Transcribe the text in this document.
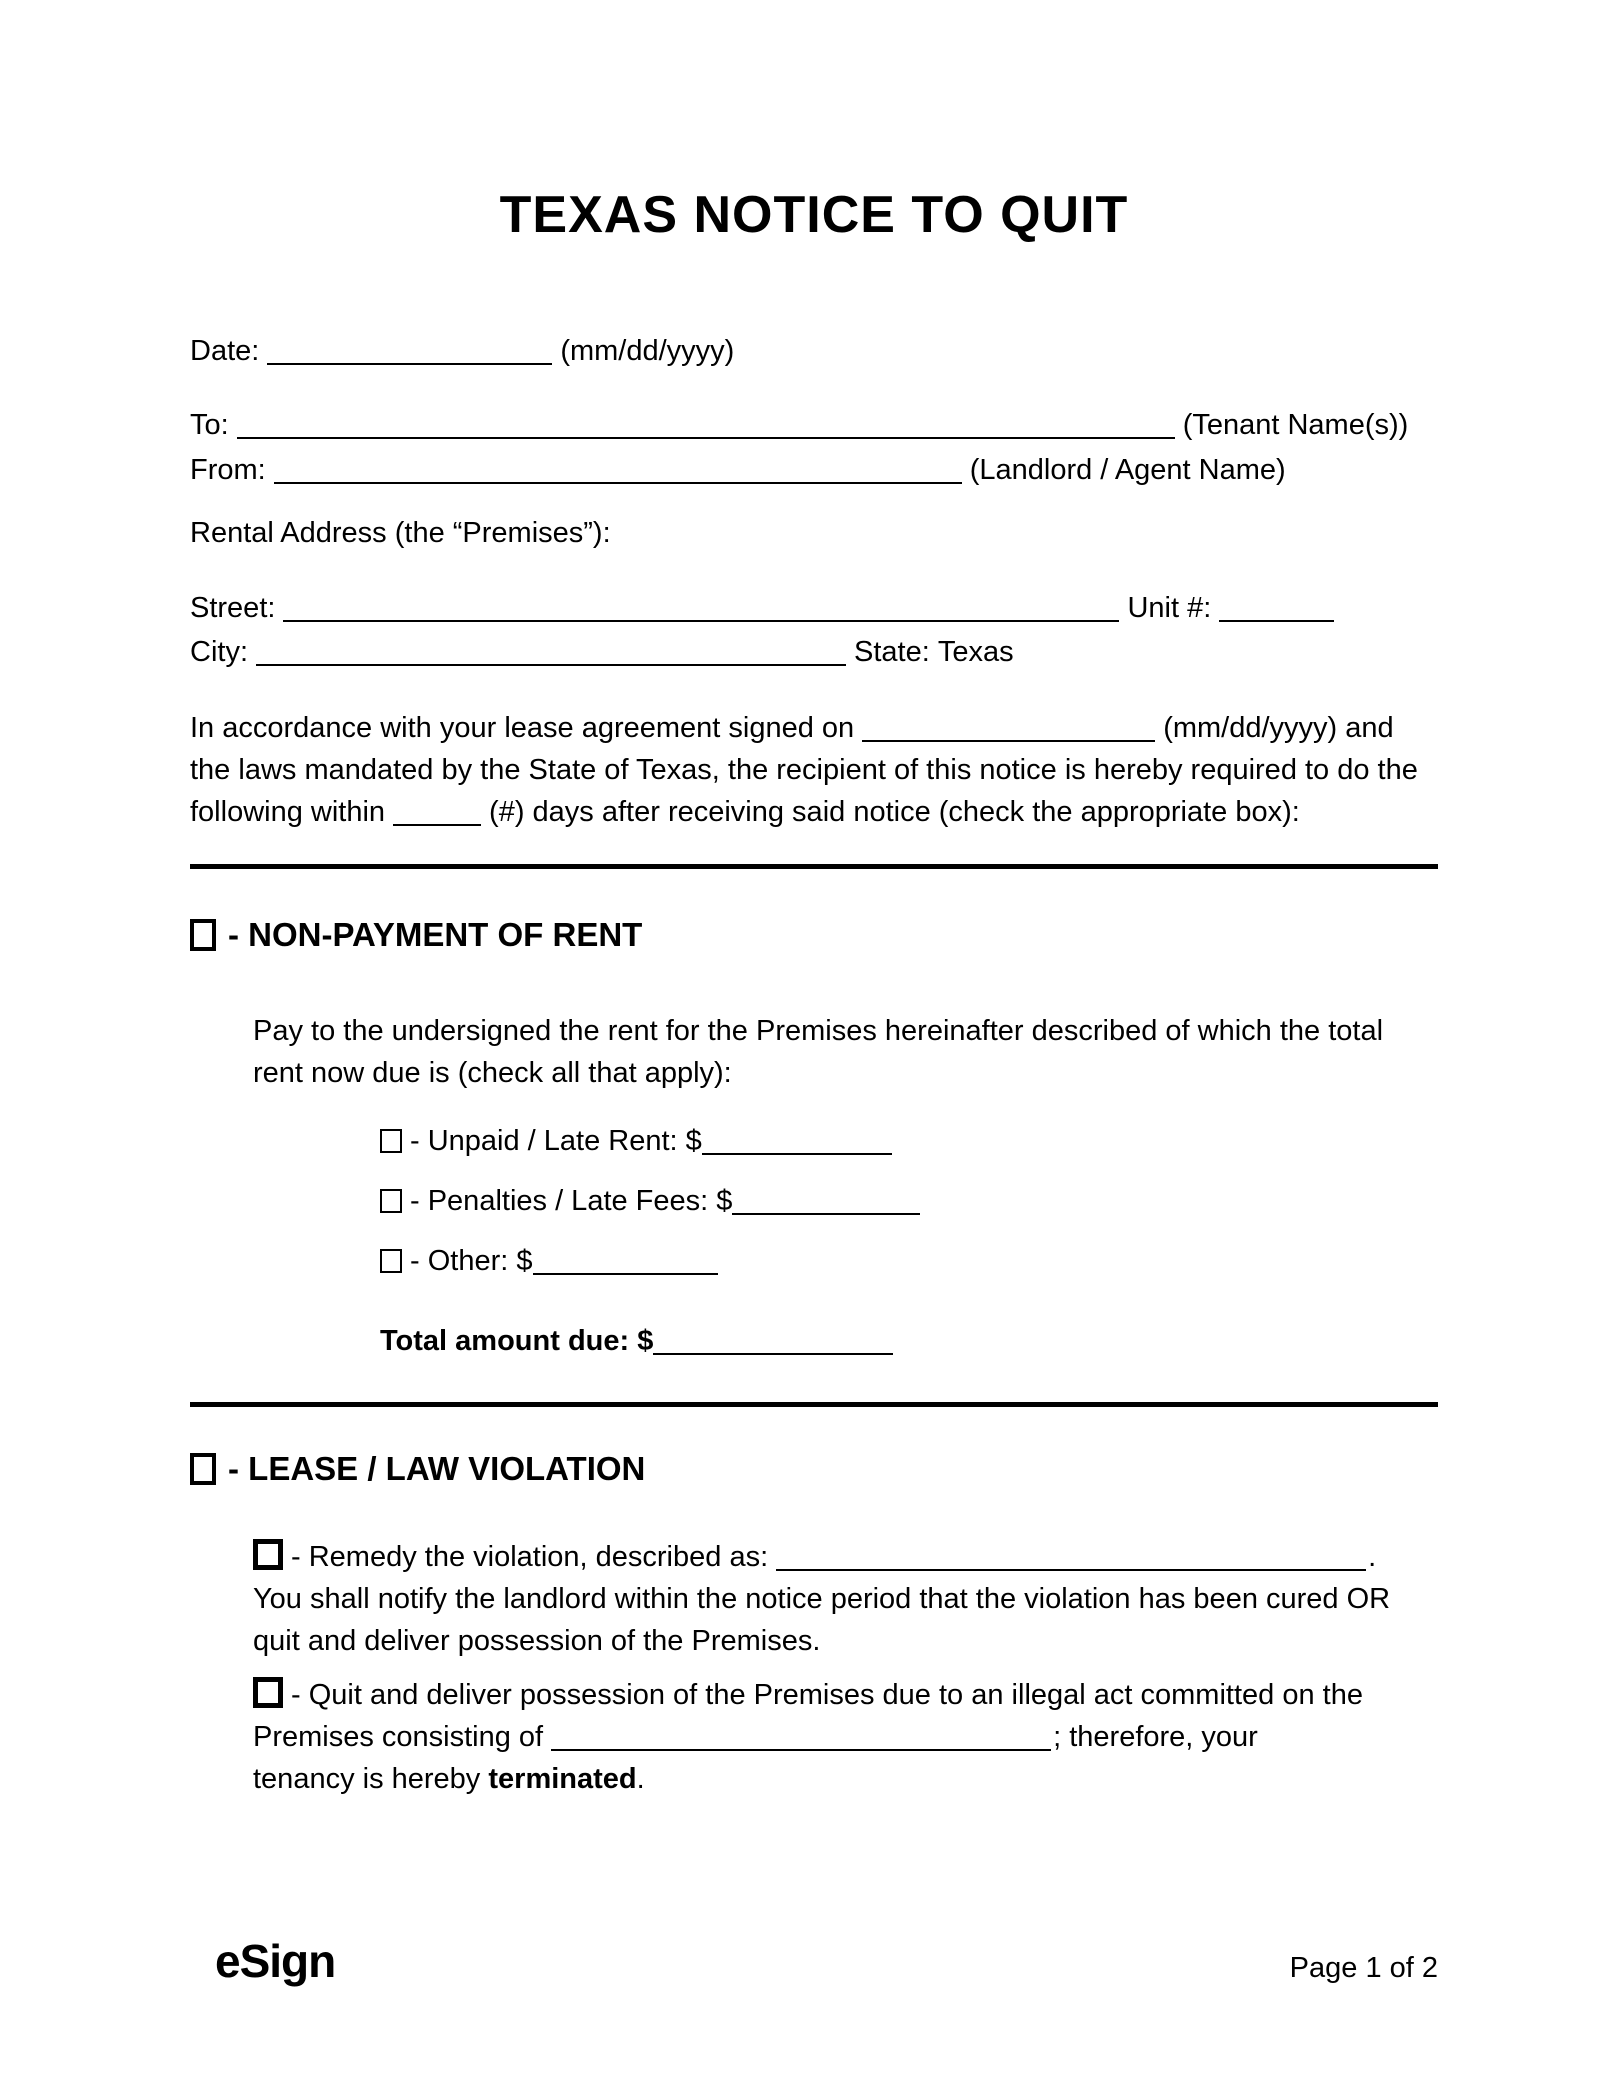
TEXAS NOTICE TO QUIT
Date:	(mm/dd/yyyy)
To:	(Tenant Name(s))
From:	(Landlord / Agent Name)
Rental Address (the “Premises”):
Street:	Unit #:
City:	State: Texas
In accordance with your lease agreement signed on	(mm/dd/yyyy) and
the laws mandated by the State of Texas, the recipient of this notice is hereby required to do the
following within	(#) days after receiving said notice (check the appropriate box):
- NON-PAYMENT OF RENT
Pay to the undersigned the rent for the Premises hereinafter described of which the total
rent now due is (check all that apply):
- Unpaid / Late Rent: $
- Penalties / Late Fees: $
- Other: $
Total amount due: $
- LEASE / LAW VIOLATION
- Remedy the violation, described as:	.
You shall notify the landlord within the notice period that the violation has been cured OR
quit and deliver possession of the Premises.
- Quit and deliver possession of the Premises due to an illegal act committed on the
Premises consisting of	; therefore, your
tenancy is hereby terminated.
eSign	Page 1 of 2
